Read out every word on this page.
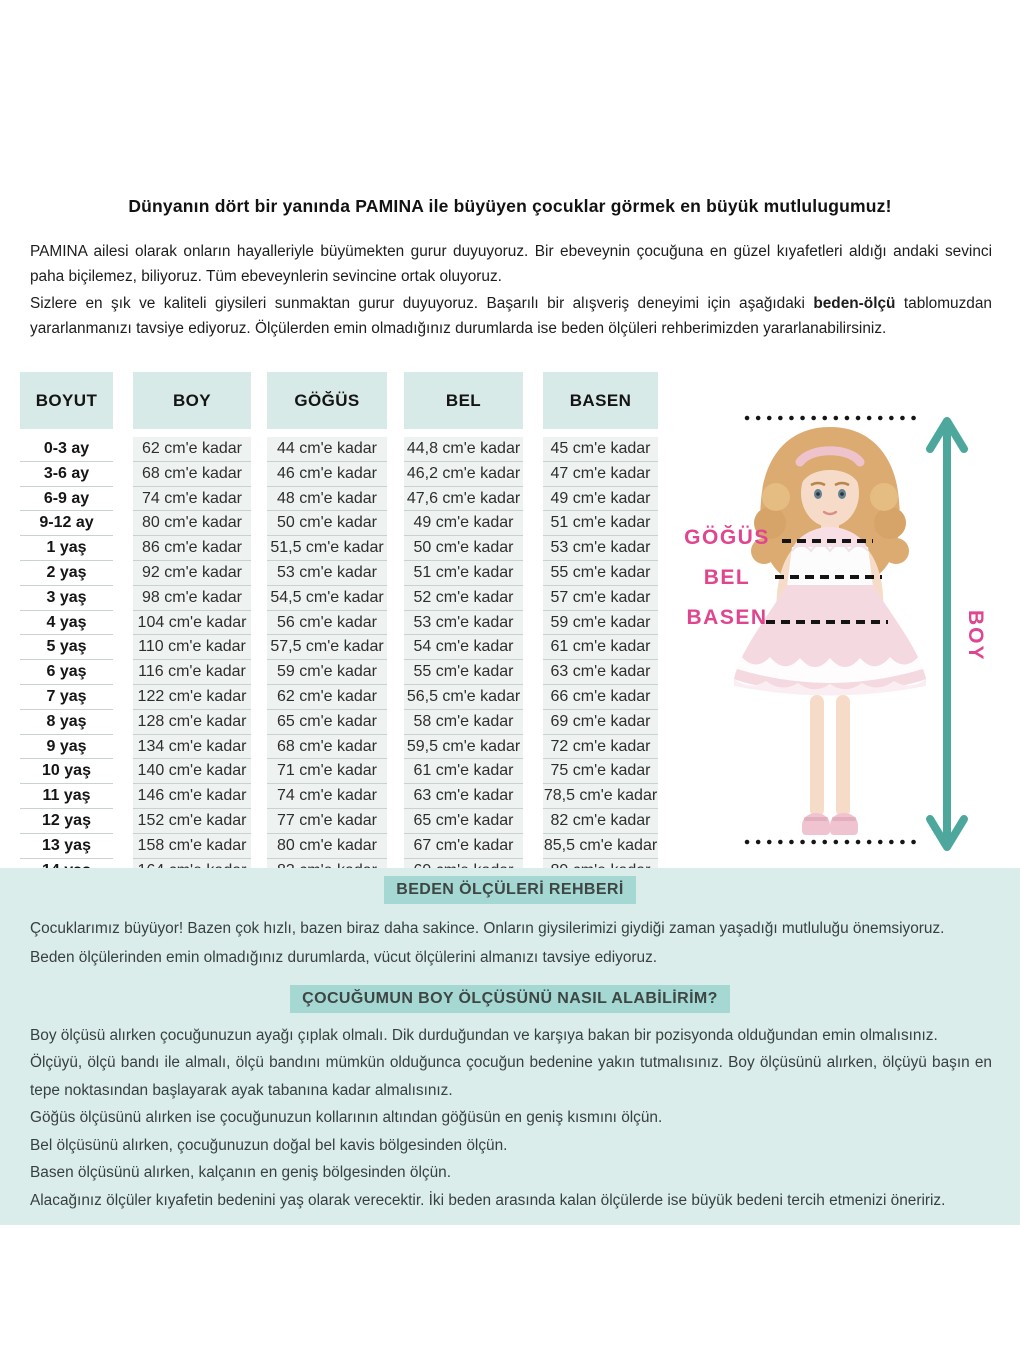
Dünyanın dört bir yanında PAMINA ile büyüyen çocuklar görmek en büyük mutlulugumuz!
PAMINA ailesi olarak onların hayalleriyle büyümekten gurur duyuyoruz. Bir ebeveynin çocuğuna en güzel kıyafetleri aldığı andaki sevinci paha biçilemez, biliyoruz. Tüm ebeveynlerin sevincine ortak oluyoruz.
Sizlere en şık ve kaliteli giysileri sunmaktan gurur duyuyoruz. Başarılı bir alışveriş deneyimi için aşağıdaki beden-ölçü tablomuzdan yararlanmanızı tavsiye ediyoruz. Ölçülerden emin olmadığınız durumlarda ise beden ölçüleri rehberimizden yararlanabilirsiniz.
BOYUT
0-3 ay
3-6 ay
6-9 ay
9-12 ay
1 yaş
2 yaş
3 yaş
4 yaş
5 yaş
6 yaş
7 yaş
8 yaş
9 yaş
10 yaş
11 yaş
12 yaş
13 yaş
BOY
62 cm'e kadar
68 cm'e kadar
74 cm'e kadar
80 cm'e kadar
86 cm'e kadar
92 cm'e kadar
98 cm'e kadar
104 cm'e kadar
110 cm'e kadar
116 cm'e kadar
122 cm'e kadar
128 cm'e kadar
134 cm'e kadar
140 cm'e kadar
146 cm'e kadar
152 cm'e kadar
158 cm'e kadar
GÖĞÜS
44 cm'e kadar
46 cm'e kadar
48 cm'e kadar
50 cm'e kadar
51,5 cm'e kadar
53 cm'e kadar
54,5 cm'e kadar
56 cm'e kadar
57,5 cm'e kadar
59 cm'e kadar
62 cm'e kadar
65 cm'e kadar
68 cm'e kadar
71 cm'e kadar
74 cm'e kadar
77 cm'e kadar
80 cm'e kadar
BEL
44,8 cm'e kadar
46,2 cm'e kadar
47,6 cm'e kadar
49 cm'e kadar
50 cm'e kadar
51 cm'e kadar
52 cm'e kadar
53 cm'e kadar
54 cm'e kadar
55 cm'e kadar
56,5 cm'e kadar
58 cm'e kadar
59,5 cm'e kadar
61 cm'e kadar
63 cm'e kadar
65 cm'e kadar
67 cm'e kadar
BASEN
45 cm'e kadar
47 cm'e kadar
49 cm'e kadar
51 cm'e kadar
53 cm'e kadar
55 cm'e kadar
57 cm'e kadar
59 cm'e kadar
61 cm'e kadar
63 cm'e kadar
66 cm'e kadar
69 cm'e kadar
72 cm'e kadar
75 cm'e kadar
78,5 cm'e kadar
82 cm'e kadar
85,5 cm'e kadar
GÖĞÜS
BEL
BASEN	BOY
BEDEN ÖLÇÜLERİ REHBERİ
Çocuklarımız büyüyor! Bazen çok hızlı, bazen biraz daha sakince. Onların giysilerimizi giydiği zaman yaşadığı mutluluğu önemsiyoruz. Beden ölçülerinden emin olmadığınız durumlarda, vücut ölçülerini almanızı tavsiye ediyoruz.
ÇOCUĞUMUN BOY ÖLÇÜSÜNÜ NASIL ALABİLİRİM?
Boy ölçüsü alırken çocuğunuzun ayağı çıplak olmalı. Dik durduğundan ve karşıya bakan bir pozisyonda olduğundan emin olmalısınız.
Ölçüyü, ölçü bandı ile almalı, ölçü bandını mümkün olduğunca çocuğun bedenine yakın tutmalısınız. Boy ölçüsünü alırken, ölçüyü başın en tepe noktasından başlayarak ayak tabanına kadar almalısınız.
Göğüs ölçüsünü alırken ise çocuğunuzun kollarının altından göğüsün en geniş kısmını ölçün.
Bel ölçüsünü alırken, çocuğunuzun doğal bel kavis bölgesinden ölçün.
Basen ölçüsünü alırken, kalçanın en geniş bölgesinden ölçün.
Alacağınız ölçüler kıyafetin bedenini yaş olarak verecektir. İki beden arasında kalan ölçülerde ise büyük bedeni tercih etmenizi öneririz.
